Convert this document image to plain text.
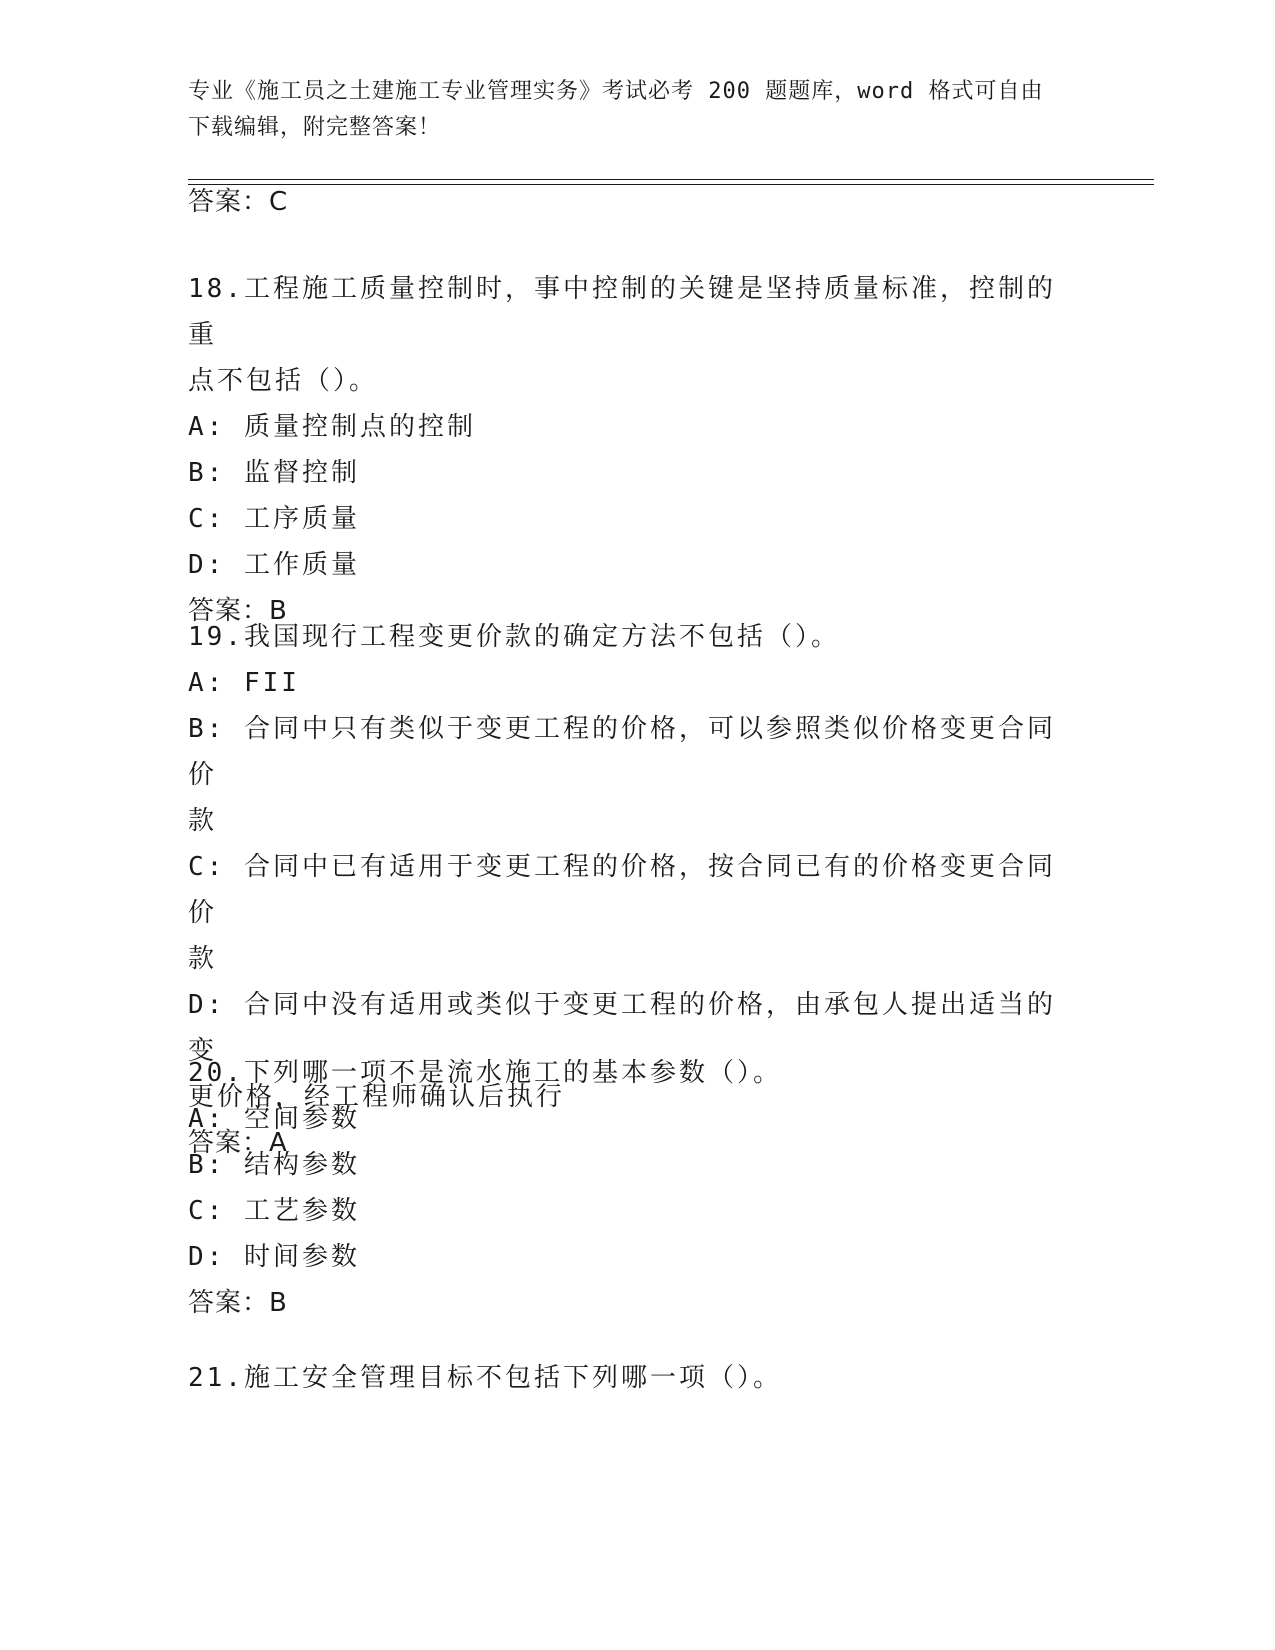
专业《施工员之土建施工专业管理实务》考试必考 200 题题库，word 格式可自由
下载编辑，附完整答案！
答案：C
18.工程施工质量控制时，事中控制的关键是坚持质量标准，控制的重
点不包括（）。
A: 质量控制点的控制
B: 监督控制
C: 工序质量
D: 工作质量
答案：B
19.我国现行工程变更价款的确定方法不包括（）。
A: FII
B: 合同中只有类似于变更工程的价格，可以参照类似价格变更合同价
款
C: 合同中已有适用于变更工程的价格，按合同已有的价格变更合同价
款
D: 合同中没有适用或类似于变更工程的价格，由承包人提出适当的变
更价格，经工程师确认后执行
答案：A
20.下列哪一项不是流水施工的基本参数（）。
A: 空间参数
B: 结构参数
C: 工艺参数
D: 时间参数
答案：B
21.施工安全管理目标不包括下列哪一项（）。
